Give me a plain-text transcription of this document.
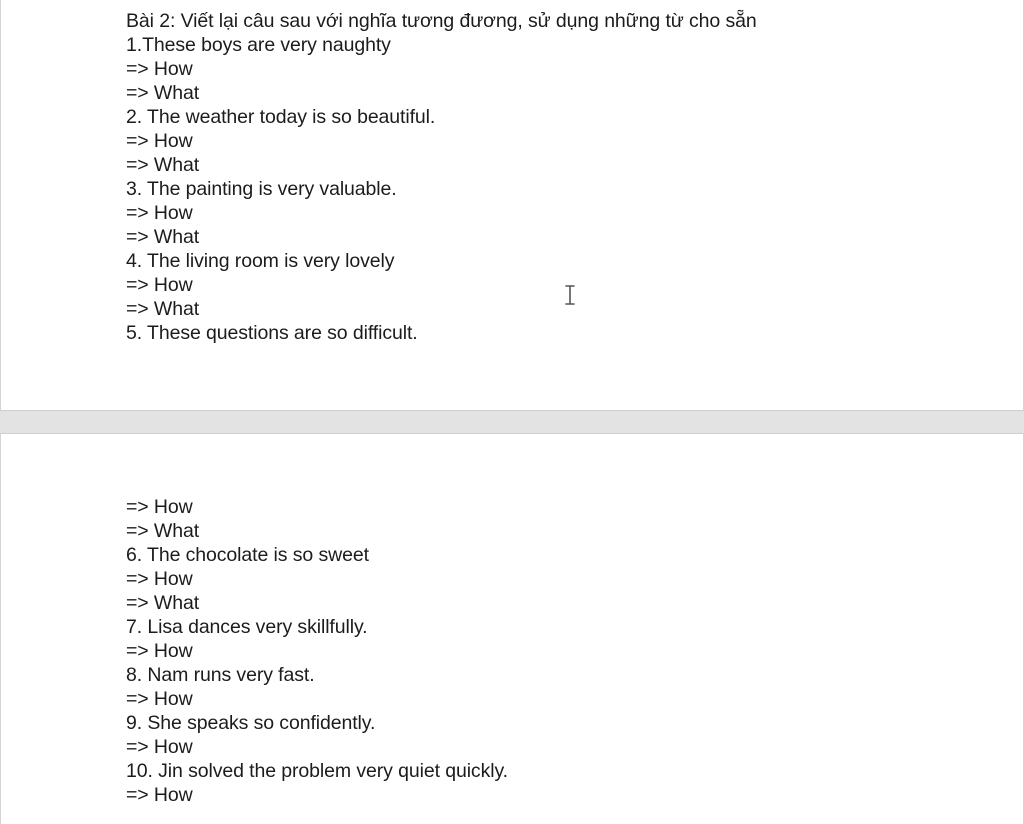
Bài 2: Viết lại câu sau với nghĩa tương đương, sử dụng những từ cho sẵn
1.These boys are very naughty
=> How
=> What
2. The weather today is so beautiful.
=> How
=> What
3. The painting is very valuable.
=> How
=> What
4. The living room is very lovely
=> How
=> What
5. These questions are so difficult.
=> How
=> What
6. The chocolate is so sweet
=> How
=> What
7. Lisa dances very skillfully.
=> How
8. Nam runs very fast.
=> How
9. She speaks so confidently.
=> How
10. Jin solved the problem very quiet quickly.
=> How
